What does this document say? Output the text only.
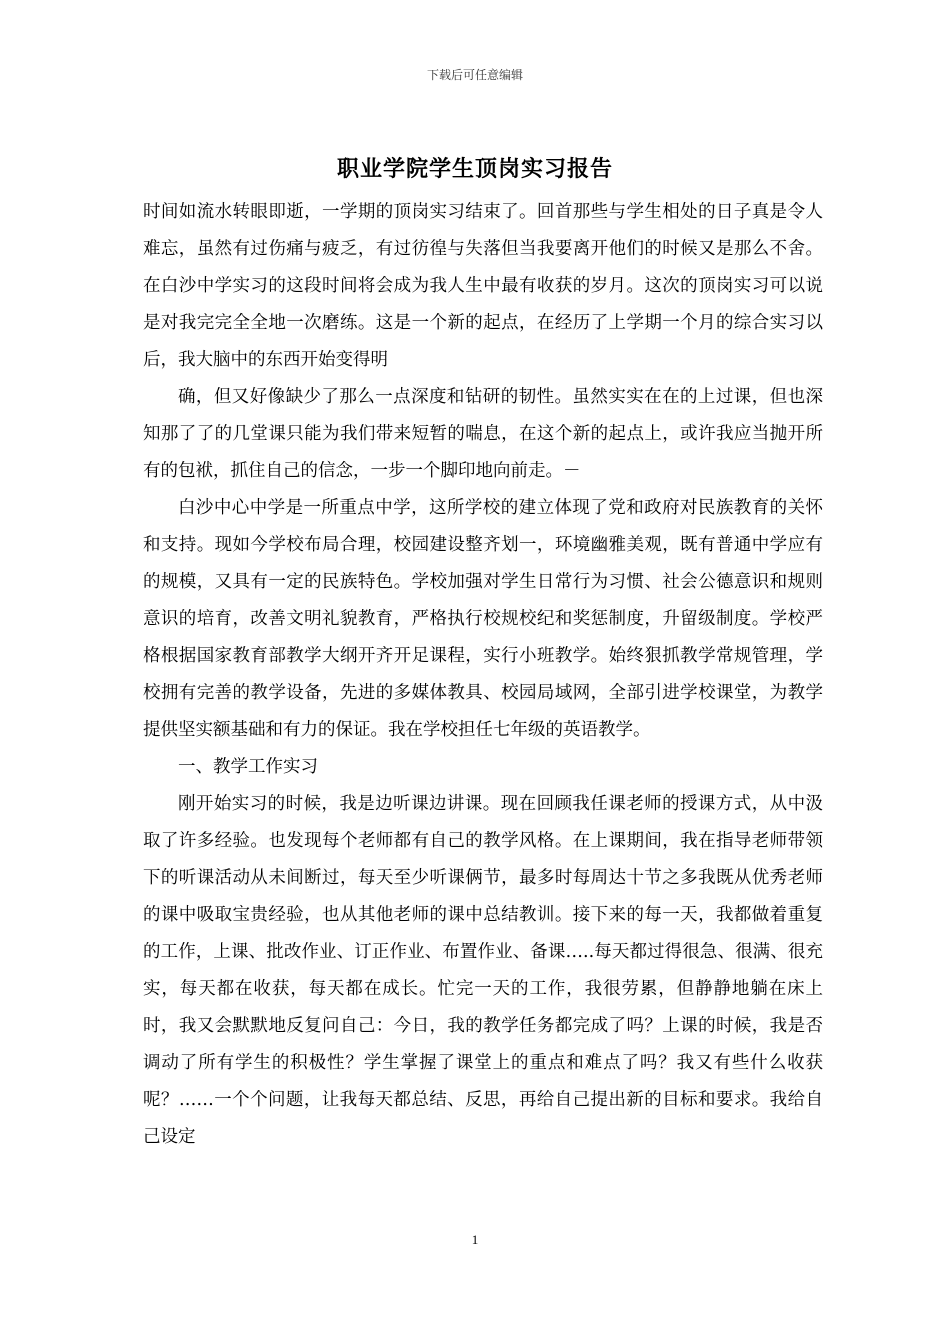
下载后可任意编辑
职业学院学生顶岗实习报告

时间如流水转眼即逝，一学期的顶岗实习结束了。回首那些与学生相处的日子真是令人难忘，虽然有过伤痛与疲乏，有过彷徨与失落但当我要离开他们的时候又是那么不舍。在白沙中学实习的这段时间将会成为我人生中最有收获的岁月。这次的顶岗实习可以说是对我完完全全地一次磨练。这是一个新的起点，在经历了上学期一个月的综合实习以后，我大脑中的东西开始变得明

确，但又好像缺少了那么一点深度和钻研的韧性。虽然实实在在的上过课，但也深知那了了的几堂课只能为我们带来短暂的喘息，在这个新的起点上，或许我应当抛开所有的包袱，抓住自己的信念，一步一个脚印地向前走。－

白沙中心中学是一所重点中学，这所学校的建立体现了党和政府对民族教育的关怀和支持。现如今学校布局合理，校园建设整齐划一，环境幽雅美观，既有普通中学应有的规模，又具有一定的民族特色。学校加强对学生日常行为习惯、社会公德意识和规则意识的培育，改善文明礼貌教育，严格执行校规校纪和奖惩制度，升留级制度。学校严格根据国家教育部教学大纲开齐开足课程，实行小班教学。始终狠抓教学常规管理，学校拥有完善的教学设备，先进的多媒体教具、校园局域网，全部引进学校课堂，为教学提供坚实额基础和有力的保证。我在学校担任七年级的英语教学。

一、教学工作实习

刚开始实习的时候，我是边听课边讲课。现在回顾我任课老师的授课方式，从中汲取了许多经验。也发现每个老师都有自己的教学风格。在上课期间，我在指导老师带领下的听课活动从未间断过，每天至少听课俩节，最多时每周达十节之多我既从优秀老师的课中吸取宝贵经验，也从其他老师的课中总结教训。接下来的每一天，我都做着重复的工作，上课、批改作业、订正作业、布置作业、备课…..每天都过得很急、很满、很充实，每天都在收获，每天都在成长。忙完一天的工作，我很劳累，但静静地躺在床上时，我又会默默地反复问自己：今日，我的教学任务都完成了吗？上课的时候，我是否调动了所有学生的积极性？学生掌握了课堂上的重点和难点了吗？我又有些什么收获呢？……一个个问题，让我每天都总结、反思，再给自己提出新的目标和要求。我给自己设定

1
